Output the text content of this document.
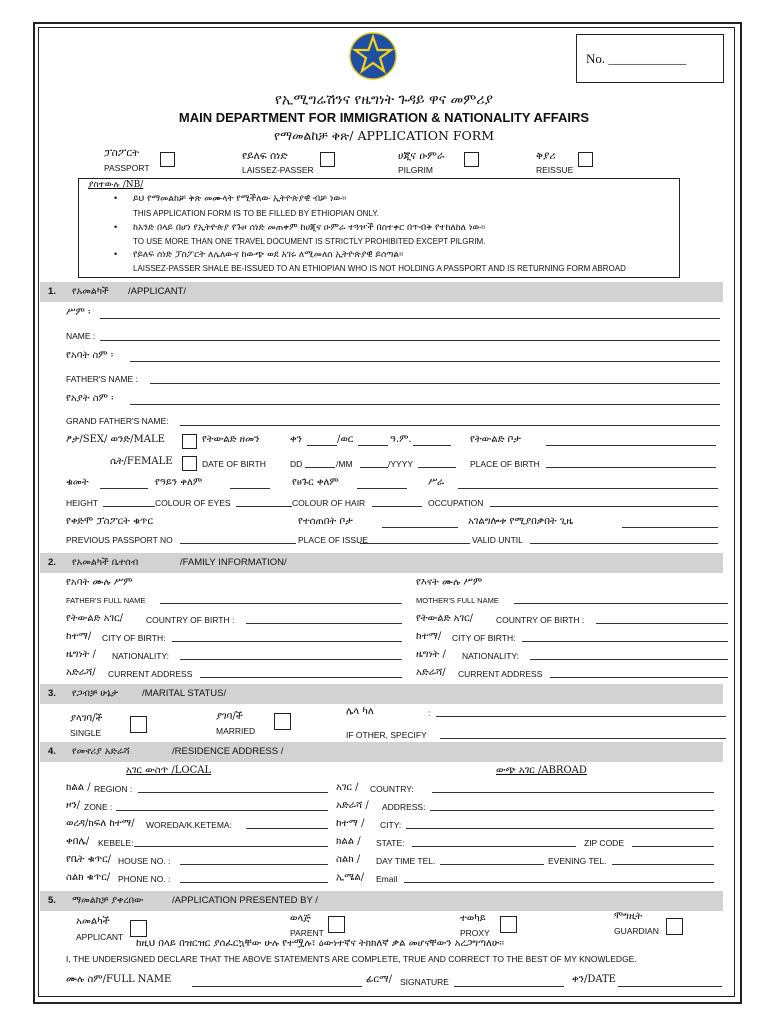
No. ____________
የኢሚግሬሽንና የዜግነት ጉዳይ ዋና መምሪያ
MAIN DEPARTMENT FOR IMMIGRATION & NATIONALITY AFFAIRS
የማመልከቻ ቅጽ/ APPLICATION FORM
ፓስፖርት
PASSPORT
የይለፍ ሰነድ
LAISSEZ-PASSER
ሀጂና ዑምራ
PILGRIM
ቅያሪ
REISSUE
ያስተውሉ /NB/
• ይህ የማመልከቻ ቅጽ መሙላት የሚችለው ኢትዮጵያዊ ብቻ ነው፡፡
THIS APPLICATION FORM IS TO BE FILLED BY ETHIOPIAN ONLY.
• ከአንድ በላይ በሆነ የኢትዮጵያ የጉዞ ሰነድ መጠቀም ከሀጂና ዑምራ ተጓዦች በስተቀር በጥብቅ የተከለከለ ነው፡፡
TO USE MORE THAN ONE TRAVEL DOCUMENT IS STRICTLY PROHIBITED EXCEPT PILGRIM.
• የይለፍ ሰነድ ፓስፖርት ለሌለውና ከውጭ ወደ አገሩ ለሚመለስ ኢትዮጵያዊ ይሰጣል፡፡
LAISSEZ-PASSER SHALE BE-ISSUED TO AN ETHIOPIAN WHO IS NOT HOLDING A PASSPORT AND IS RETURNING FORM ABROAD
1. የአመልካች /APPLICANT/
ሥም ፡
NAME :
የአባት ስም ፡
FATHER'S NAME :
የአያት ስም ፡
GRAND FATHER'S NAME:
ፆታ/SEX/ ወንድ/MALE	የትውልድ ዘመን	ቀን	/ወር	ዓ.ም.	የትውልድ ቦታ
ሴት/FEMALE	DATE OF BIRTH	DD	/MM	/YYYY	PLACE OF BIRTH
ቁመት	የዓይን ቀለም	የፀጉር ቀለም	ሥራ
HEIGHT	COLOUR OF EYES	COLOUR OF HAIR	OCCUPATION
የቀድሞ ፓስፖርት ቁጥር	የተሰጠበት ቦታ	አገልግሎቱ የሚያበቃበት ጊዜ
PREVIOUS PASSPORT NO	PLACE OF ISSUE	VALID UNTIL
2. የአመልካች ቤተሰብ	/FAMILY INFORMATION/
የአባት ሙሉ ሥም
FATHER'S FULL NAME
የእናት ሙሉ ሥም
MOTHER'S FULL NAME
የትውልድ አገር/	COUNTRY OF BIRTH :	የትውልድ አገር/	COUNTRY OF BIRTH :
ከተማ/ CITY OF BIRTH:	ከተማ/ CITY OF BIRTH:
ዜግነት / NATIONALITY:	ዜግነት / NATIONALITY:
አድራሻ/ CURRENT ADDRESS	አድራሻ/ CURRENT ADDRESS
3. የጋብቻ ሁኔታ	/MARITAL STATUS/
ያላገባ/ች
SINGLE
ያገባ/ች
MARRIED
ሌላ ካለ	:
IF OTHER, SPECIFY
4. የመኖሪያ አድራሻ	/RESIDENCE ADDRESS /
አገር ውስጥ /LOCAL	ውጭ አገር /ABROAD
ክልል / REGION :
ዞን/ ZONE :
ወረዳ/ክፍለ ከተማ/ WOREDA/K.KETEMA:
ቀበሌ/ KEBELE:
የቤት ቁጥር/ HOUSE NO. :
ስልክ ቁጥር/ PHONE NO. :
አገር / COUNTRY:
አድራሻ / ADDRESS:
ከተማ / CITY:
ክልል / STATE:	ZIP CODE
ስልክ / DAY TIME TEL.	EVENING TEL.
ኢሜል/ Email
5. ማመልከቻ ያቀረበው	/APPLICATION PRESENTED BY /
አመልካች
APPLICANT
ወላጅ
PARENT
ተወካይ
PROXY
ሞግዚት
GUARDIAN
ከዚህ በላይ በዝርዝር ያሰፈርኳቸው ሁሉ የተሟሉ፣ ዕውነተኛና ትክክለኛ ቃል መሆናቸውን አረጋግጣለሁ፡፡
I, THE UNDERSIGNED DECLARE THAT THE ABOVE STATEMENTS ARE COMPLETE, TRUE AND CORRECT TO THE BEST OF MY KNOWLEDGE.
ሙሉ ስም/FULL NAME	ፊርማ/ SIGNATURE	ቀን/DATE
